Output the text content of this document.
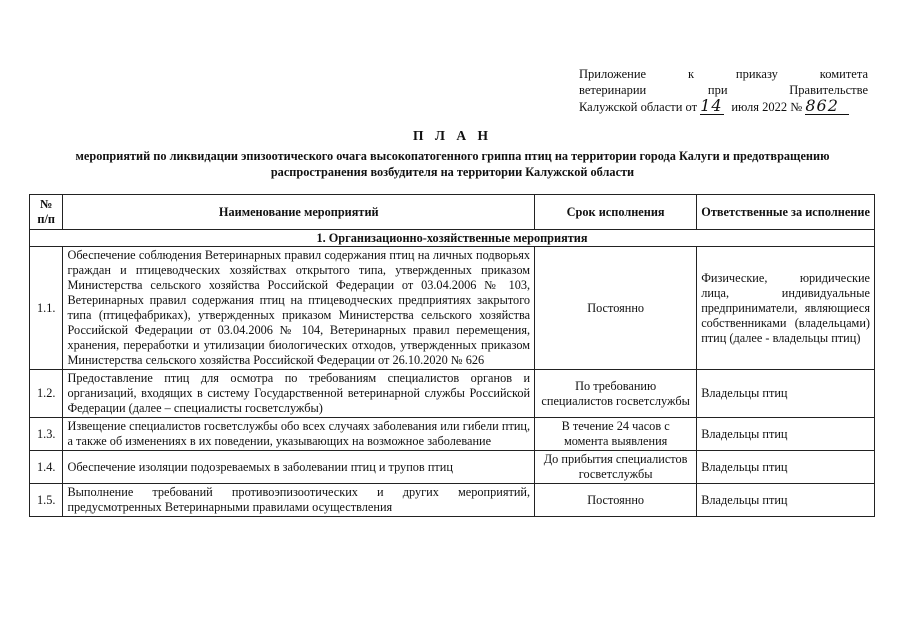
Приложение к приказу комитета
ветеринарии при Правительстве
Калужской области от 14 июля 2022 № 862
П Л А Н
мероприятий по ликвидации эпизоотического очага высокопатогенного гриппа птиц на территории города Калуги и предотвращению распространения возбудителя на территории Калужской области
№ п/п	Наименование мероприятий	Срок исполнения	Ответственные за исполнение
1. Организационно-хозяйственные мероприятия			
1.1.	Обеспечение соблюдения Ветеринарных правил содержания птиц на личных подворьях граждан и птицеводческих хозяйствах открытого типа, утвержденных приказом Министерства сельского хозяйства Российской Федерации от 03.04.2006 № 103, Ветеринарных правил содержания птиц на птицеводческих предприятиях закрытого типа (птицефабриках), утвержденных приказом Министерства сельского хозяйства Российской Федерации от 03.04.2006 № 104, Ветеринарных правил перемещения, хранения, переработки и утилизации биологических отходов, утвержденных приказом Министерства сельского хозяйства Российской Федерации от 26.10.2020 № 626	Постоянно	Физические, юридические лица, индивидуальные предприниматели, являющиеся собственниками (владельцами) птиц (далее - владельцы птиц)
1.2.	Предоставление птиц для осмотра по требованиям специалистов органов и организаций, входящих в систему Государственной ветеринарной службы Российской Федерации (далее – специалисты госветслужбы)	По требованию специалистов госветслужбы	Владельцы птиц
1.3.	Извещение специалистов госветслужбы обо всех случаях заболевания или гибели птиц, а также об изменениях в их поведении, указывающих на возможное заболевание	В течение 24 часов с момента выявления	Владельцы птиц
1.4.	Обеспечение изоляции подозреваемых в заболевании птиц и трупов птиц	До прибытия специалистов госветслужбы	Владельцы птиц
1.5.	Выполнение требований противоэпизоотических и других мероприятий, предусмотренных Ветеринарными правилами осуществления	Постоянно	Владельцы птиц
